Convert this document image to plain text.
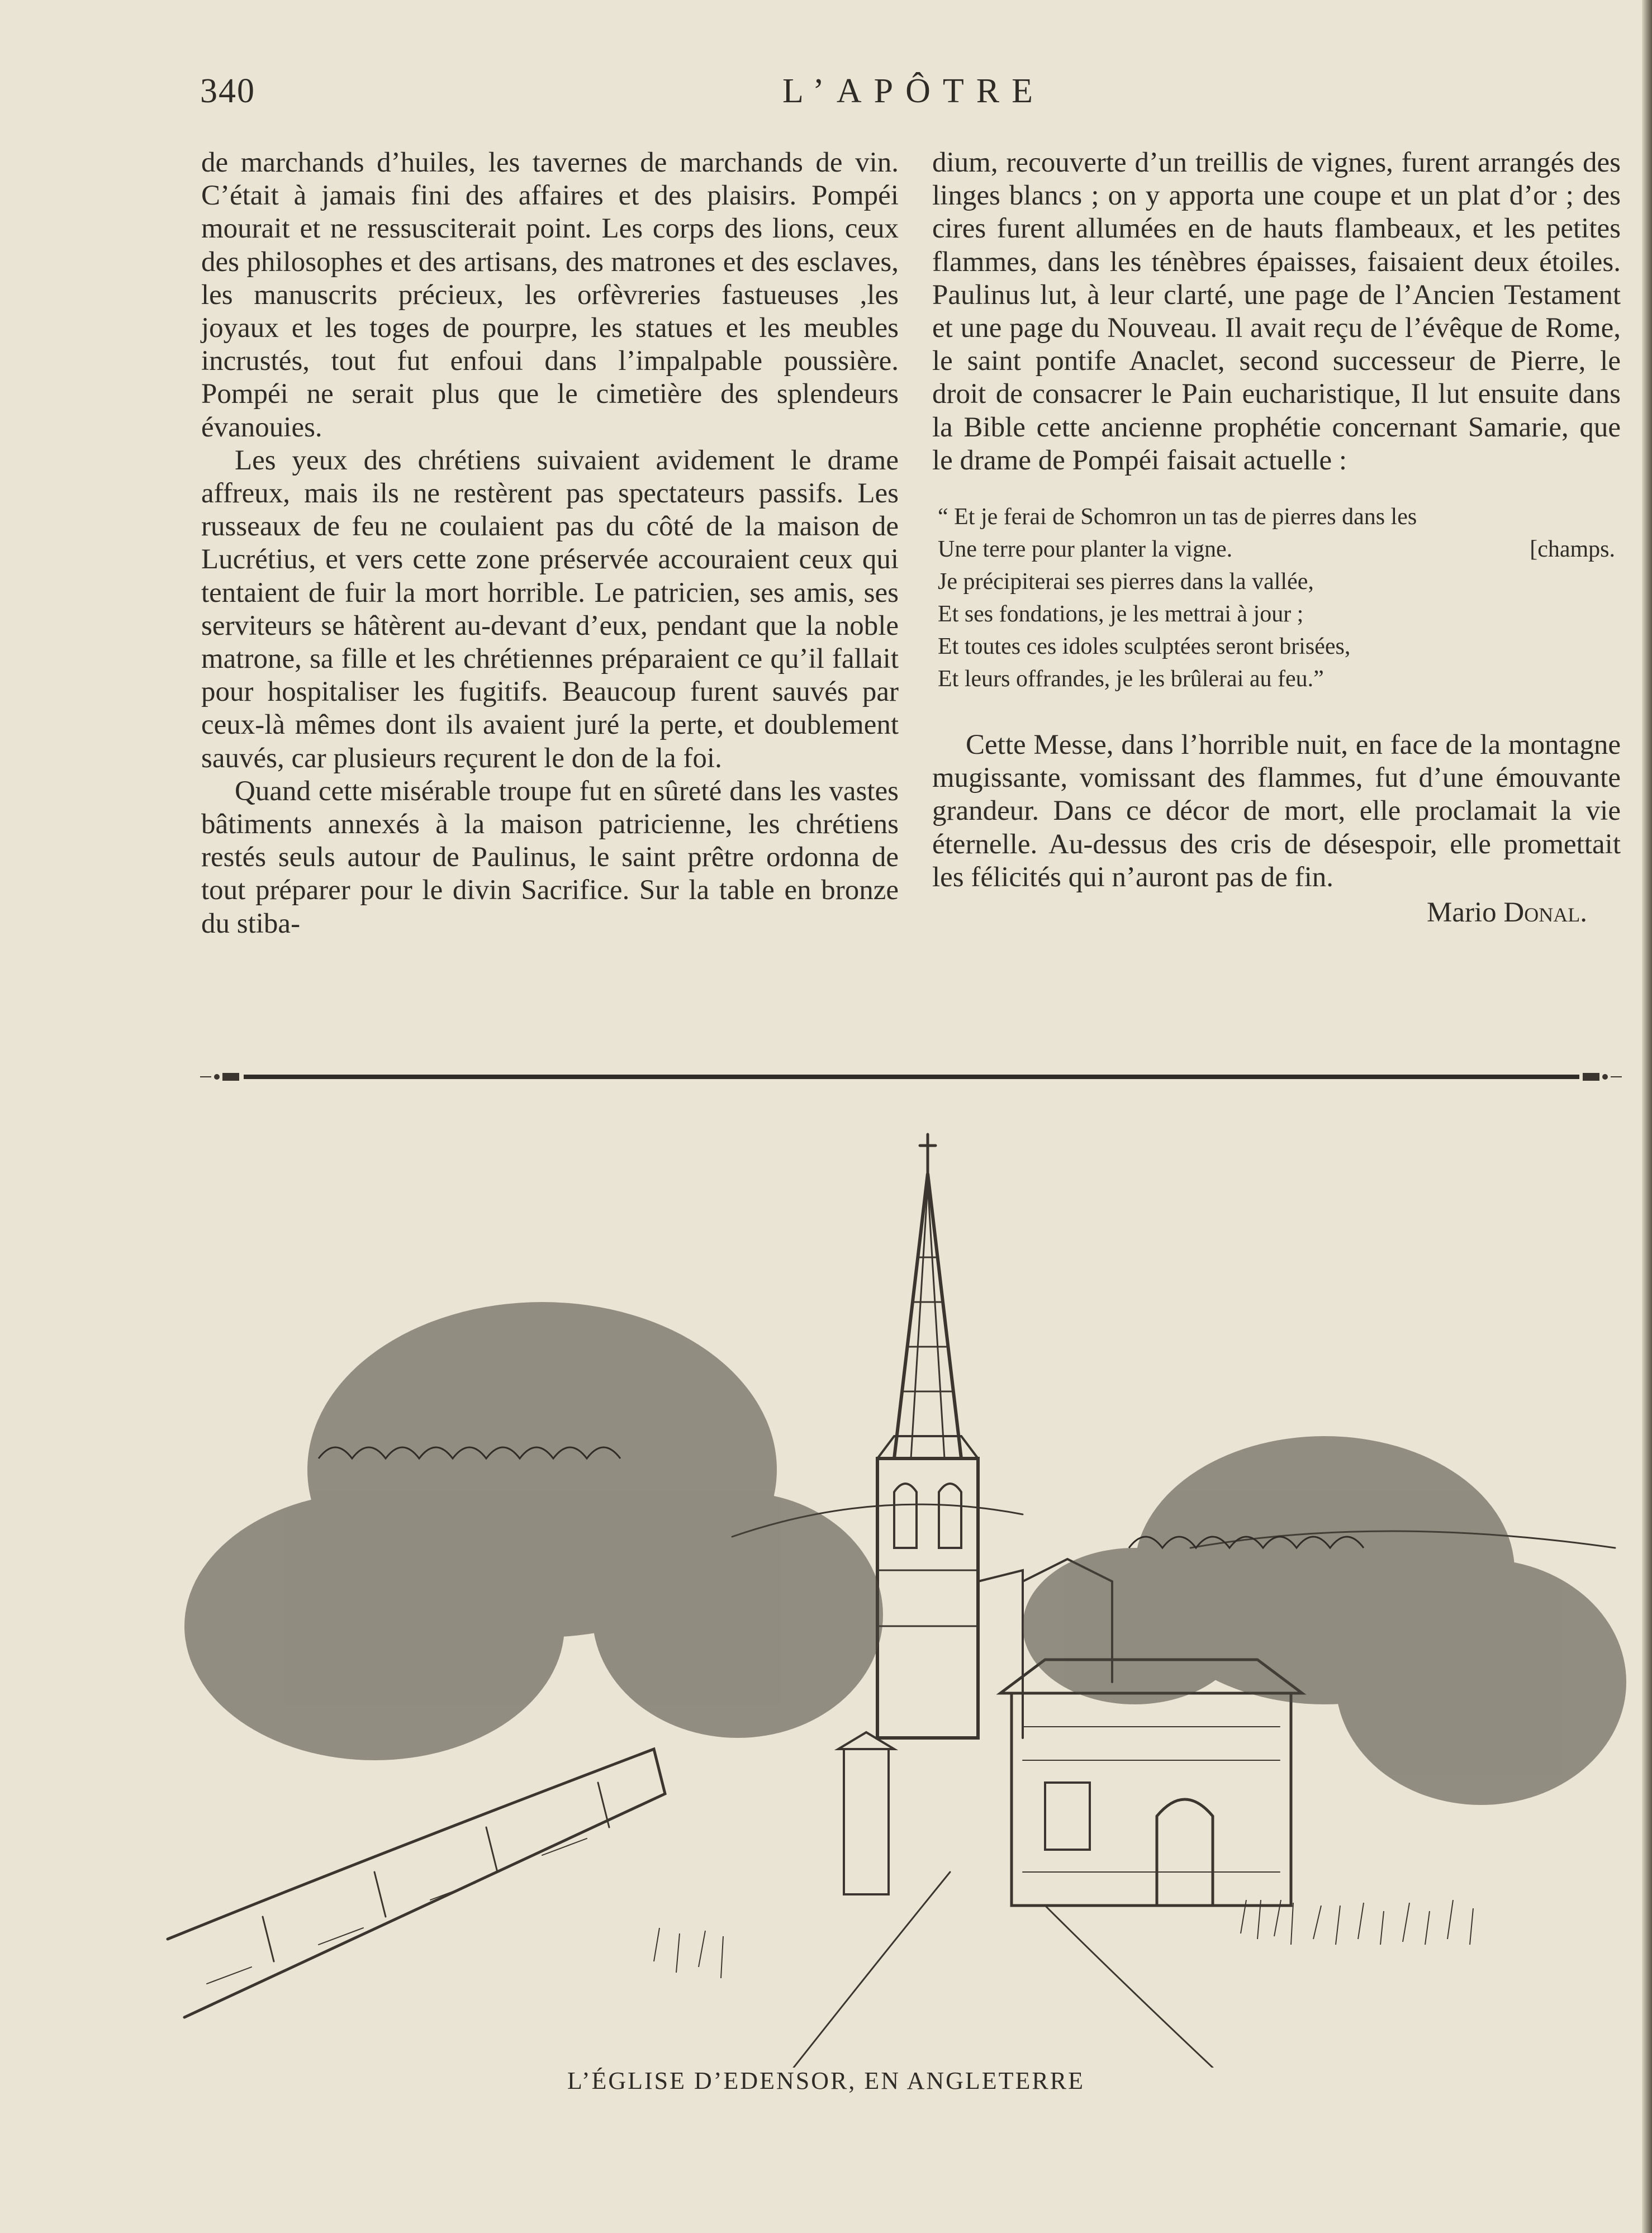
340	L’APÔTRE

de marchands d’huiles, les tavernes de marchands de vin. C’était à jamais fini des affaires et des plaisirs. Pompéi mourait et ne ressusciterait point. Les corps des lions, ceux des philosophes et des artisans, des matrones et des esclaves, les manuscrits précieux, les orfèvreries fastueuses ,les joyaux et les toges de pourpre, les statues et les meubles incrustés, tout fut enfoui dans l’impalpable poussière. Pompéi ne serait plus que le cimetière des splendeurs évanouies.

Les yeux des chrétiens suivaient avidement le drame affreux, mais ils ne restèrent pas spectateurs passifs. Les russeaux de feu ne coulaient pas du côté de la maison de Lucrétius, et vers cette zone préservée accouraient ceux qui tentaient de fuir la mort horrible. Le patricien, ses amis, ses serviteurs se hâtèrent au-devant d’eux, pendant que la noble matrone, sa fille et les chrétiennes préparaient ce qu’il fallait pour hospitaliser les fugitifs. Beaucoup furent sauvés par ceux-là mêmes dont ils avaient juré la perte, et doublement sauvés, car plusieurs reçurent le don de la foi.

Quand cette misérable troupe fut en sûreté dans les vastes bâtiments annexés à la maison patricienne, les chrétiens restés seuls autour de Paulinus, le saint prêtre ordonna de tout préparer pour le divin Sacrifice. Sur la table en bronze du stiba-

dium, recouverte d’un treillis de vignes, furent arrangés des linges blancs ; on y apporta une coupe et un plat d’or ; des cires furent allumées en de hauts flambeaux, et les petites flammes, dans les ténèbres épaisses, faisaient deux étoiles. Paulinus lut, à leur clarté, une page de l’Ancien Testament et une page du Nouveau. Il avait reçu de l’évêque de Rome, le saint pontife Anaclet, second successeur de Pierre, le droit de consacrer le Pain eucharistique, Il lut ensuite dans la Bible cette ancienne prophétie concernant Samarie, que le drame de Pompéi faisait actuelle :

“ Et je ferai de Schomron un tas de pierres dans les
Une terre pour planter la vigne.	[champs.
Je précipiterai ses pierres dans la vallée,
Et ses fondations, je les mettrai à jour ;
Et toutes ces idoles sculptées seront brisées,
Et leurs offrandes, je les brûlerai au feu.”

Cette Messe, dans l’horrible nuit, en face de la montagne mugissante, vomissant des flammes, fut d’une émouvante grandeur. Dans ce décor de mort, elle proclamait la vie éternelle. Au-dessus des cris de désespoir, elle promettait les félicités qui n’auront pas de fin.

Mario Donal.
L’ÉGLISE D’EDENSOR, EN ANGLETERRE
